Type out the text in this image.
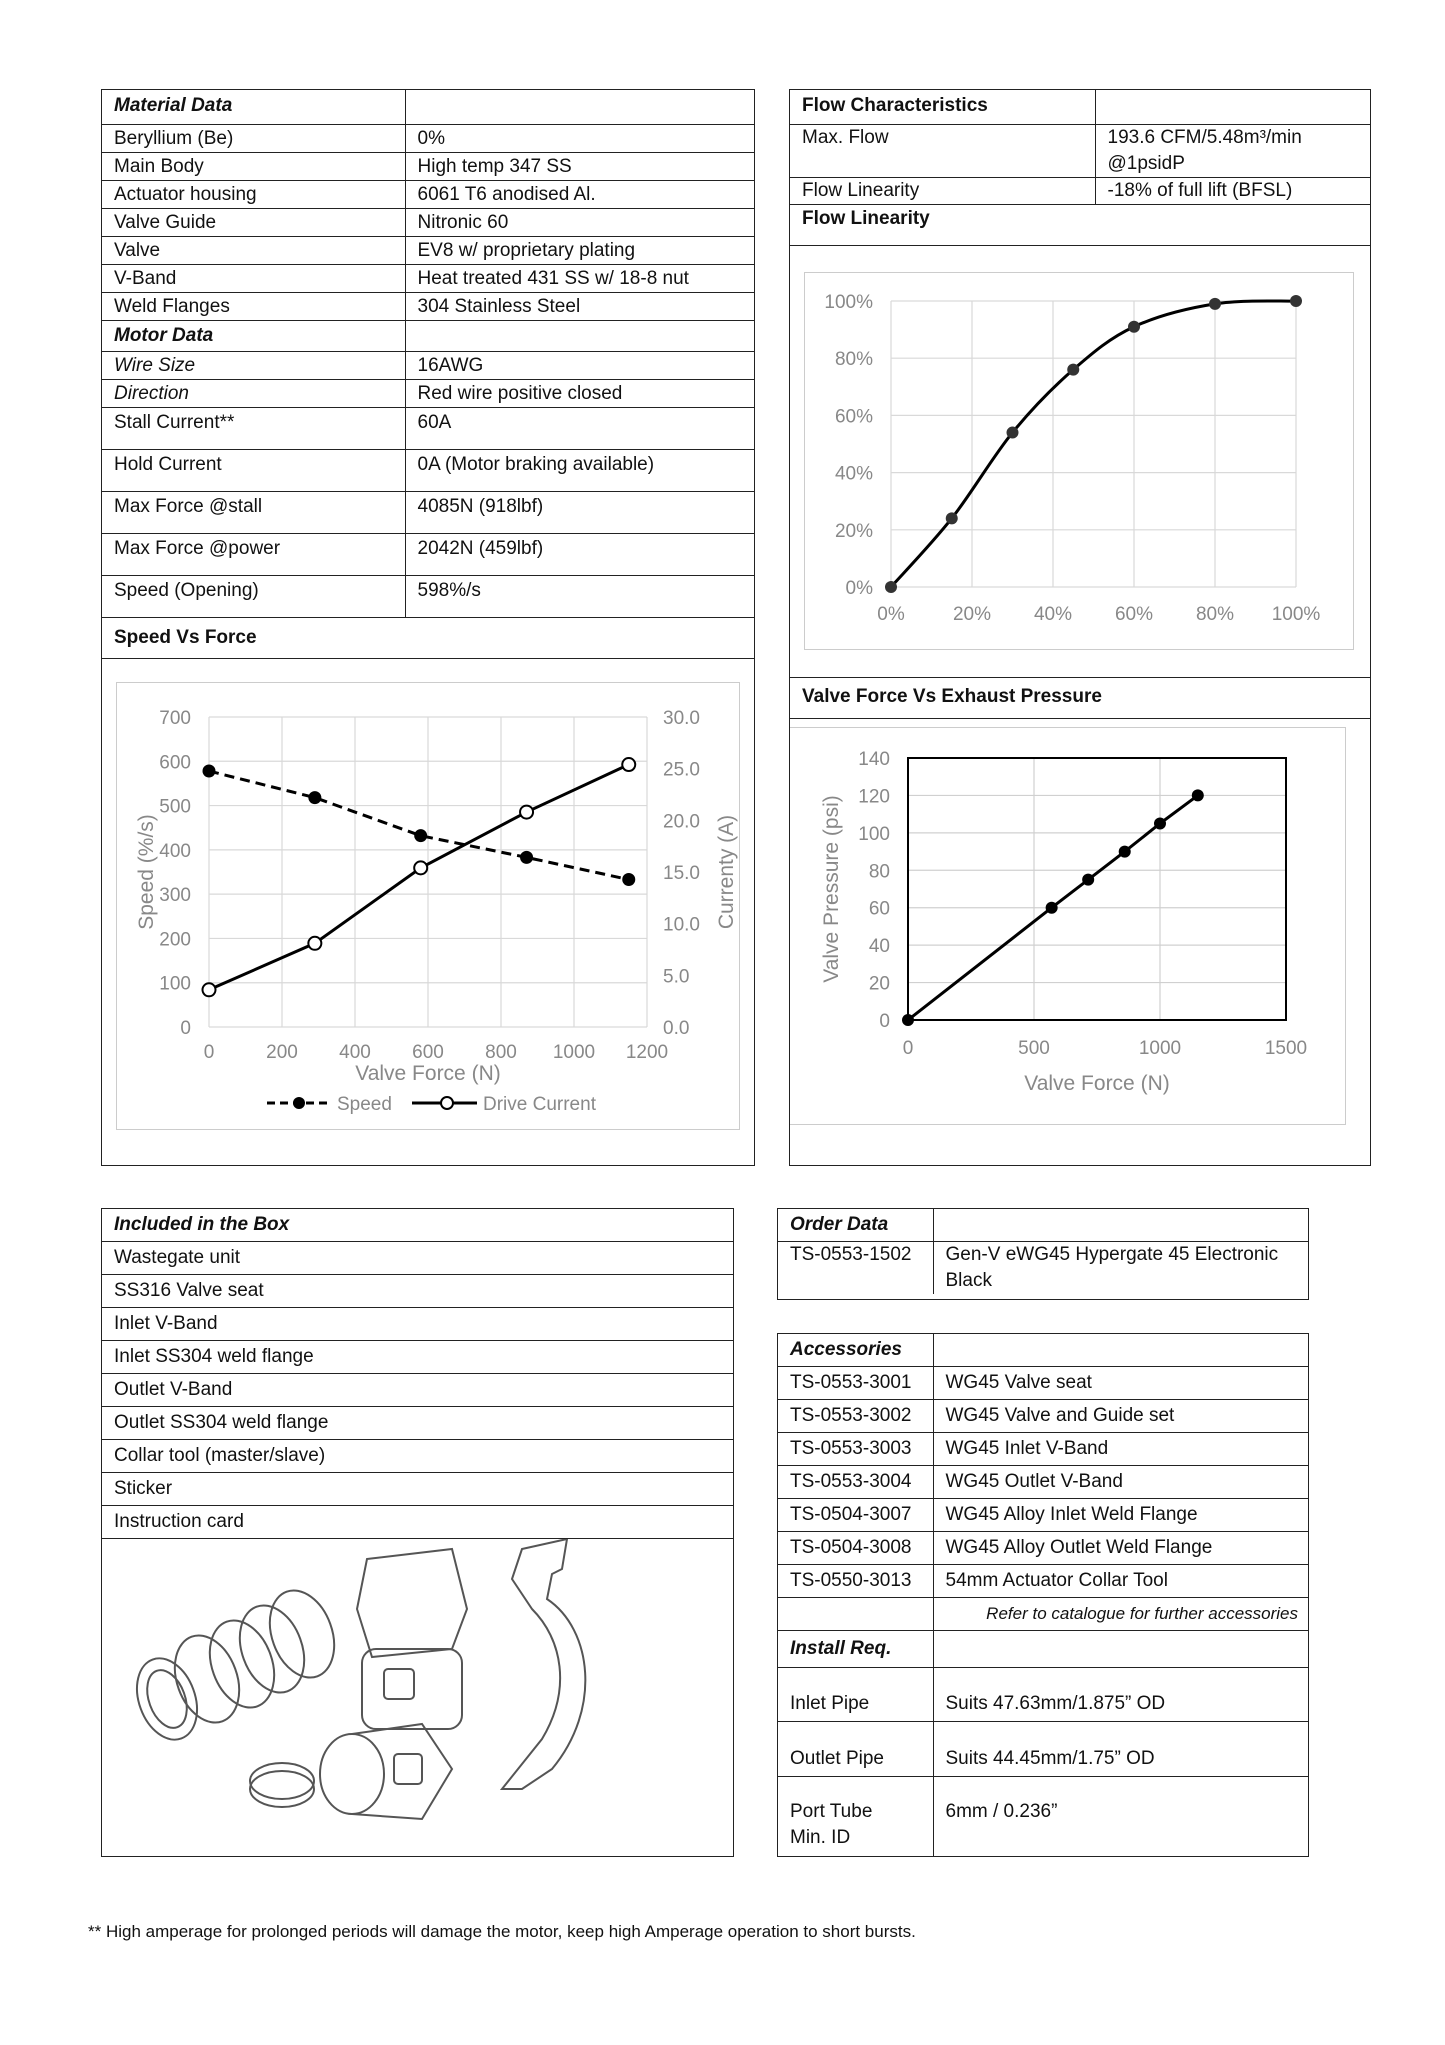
Material Data	
Beryllium (Be)	0%
Main Body	High temp 347 SS
Actuator housing	6061 T6 anodised Al.
Valve Guide	Nitronic 60
Valve	EV8 w/ proprietary plating
V-Band	Heat treated 431 SS w/ 18-8 nut
Weld Flanges	304 Stainless Steel
Motor Data	
Wire Size	16AWG
Direction	Red wire positive closed
Stall Current**	60A
Hold Current	0A (Motor braking available)
Max Force @stall	4085N (918lbf)
Max Force @power	2042N (459lbf)
Speed (Opening)	598%/s
Speed Vs Force	
0
100
200
300
400
500
600
700
0	200 400 600 800 1000 1200
0.0
5.0
10.0
15.0
20.0
25.0
30.0
Valve Force (N)
Speed (%/s)	Currenty (A)
Speed	Drive Current
Flow Characteristics	
Max. Flow	193.6 CFM/5.48m³/min
@1psidP
Flow Linearity	-18% of full lift (BFSL)
Flow Linearity	
0%
20%
40%
60%
80%
100%
0%	20% 40% 60% 80% 100%
Valve Force Vs Exhaust Pressure
0
20
40
60
80
100
120
140
0	500	1000	1500
Valve Force (N)
Valve Pressure (psi)
Included in the Box
Wastegate unit
SS316 Valve seat
Inlet V-Band
Inlet SS304 weld flange
Outlet V-Band
Outlet SS304 weld flange
Collar tool (master/slave)
Sticker
Instruction card
Order Data	
TS-0553-1502	Gen-V eWG45 Hypergate 45 Electronic
Black
Accessories	
TS-0553-3001	WG45 Valve seat
TS-0553-3002	WG45 Valve and Guide set
TS-0553-3003	WG45 Inlet V-Band
TS-0553-3004	WG45 Outlet V-Band
TS-0504-3007	WG45 Alloy Inlet Weld Flange
TS-0504-3008	WG45 Alloy Outlet Weld Flange
TS-0550-3013	54mm Actuator Collar Tool
	Refer to catalogue for further accessories
Install Req.	
Inlet Pipe	Suits 47.63mm/1.875” OD
Outlet Pipe	Suits 44.45mm/1.75” OD
Port Tube
Min. ID	6mm / 0.236”
** High amperage for prolonged periods will damage the motor, keep high Amperage operation to short bursts.
